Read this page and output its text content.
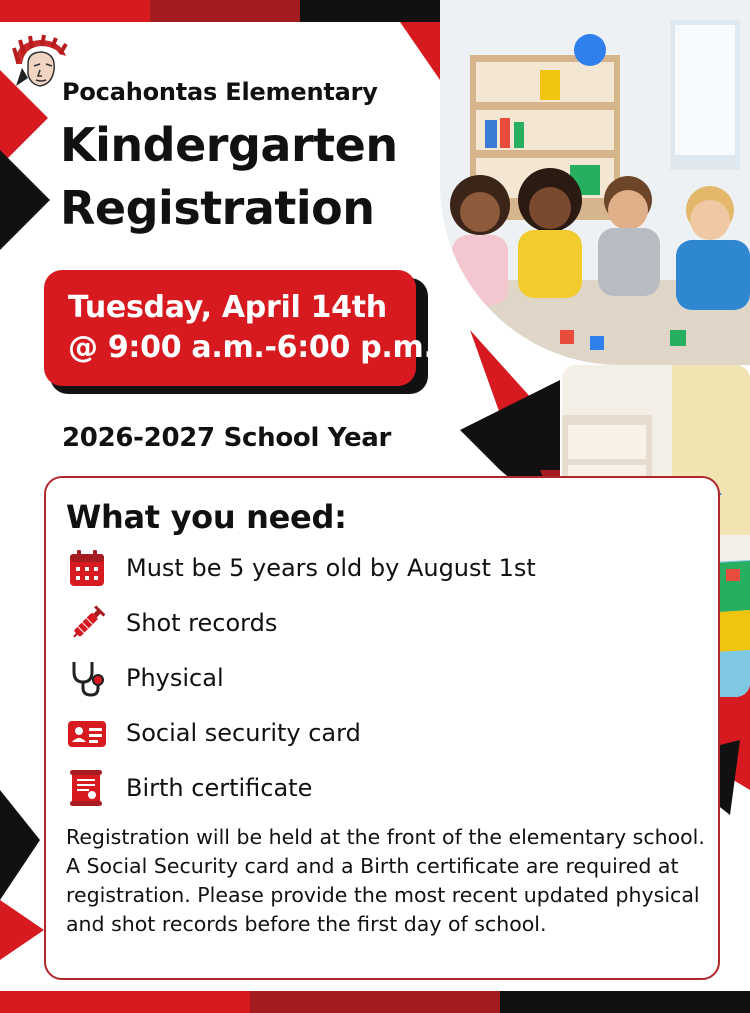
Pocahontas Elementary
Kindergarten
Registration
Tuesday, April 14th
@ 9:00 a.m.-6:00 p.m.
2026-2027 School Year
What you need:
Must be 5 years old by August 1st
Shot records
Physical
Social security card
Birth certificate
Registration will be held at the front of the elementary school. A Social Security card and a Birth certificate are required at registration. Please provide the most recent updated physical and shot records before the first day of school.
